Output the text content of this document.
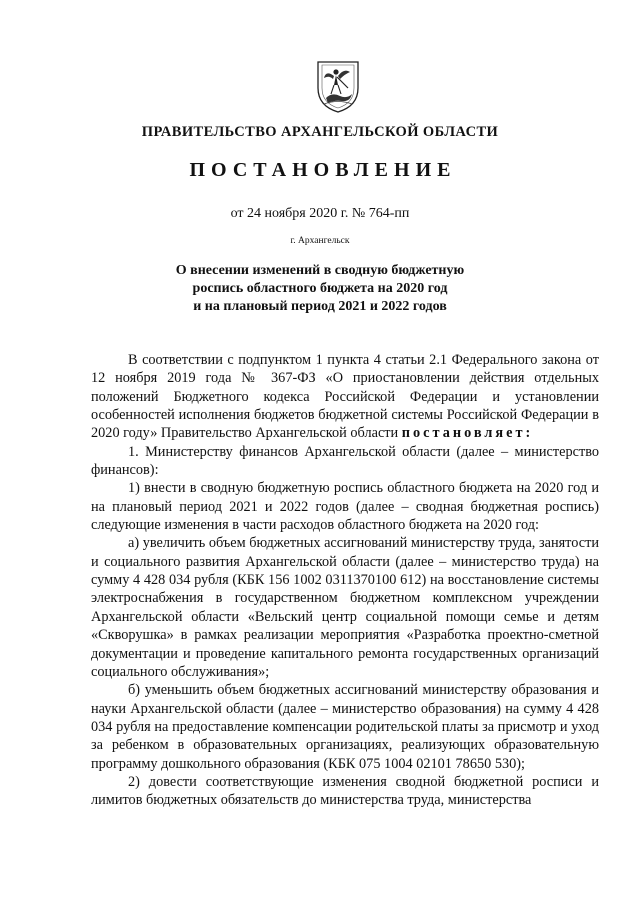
ПРАВИТЕЛЬСТВО АРХАНГЕЛЬСКОЙ ОБЛАСТИ
ПОСТАНОВЛЕНИЕ
от 24 ноября 2020 г. № 764-пп
г. Архангельск
О внесении изменений в сводную бюджетную
роспись областного бюджета на 2020 год
и на плановый период 2021 и 2022 годов

В соответствии с подпунктом 1 пункта 4 статьи 2.1 Федерального закона от 12 ноября 2019 года № 367-ФЗ «О приостановлении действия отдельных положений Бюджетного кодекса Российской Федерации и установлении особенностей исполнения бюджетов бюджетной системы Российской Федерации в 2020 году» Правительство Архангельской области постановляет:

1. Министерству финансов Архангельской области (далее – министерство финансов):

1) внести в сводную бюджетную роспись областного бюджета на 2020 год и на плановый период 2021 и 2022 годов (далее – сводная бюджетная роспись) следующие изменения в части расходов областного бюджета на 2020 год:

а) увеличить объем бюджетных ассигнований министерству труда, занятости и социального развития Архангельской области (далее – министерство труда) на сумму 4 428 034 рубля (КБК 156 1002 0311370100 612) на восстановление системы электроснабжения в государственном бюджетном комплексном учреждении Архангельской области «Вельский центр социальной помощи семье и детям «Скворушка» в рамках реализации мероприятия «Разработка проектно-сметной документации и проведение капитального ремонта государственных организаций социального обслуживания»;

б) уменьшить объем бюджетных ассигнований министерству образования и науки Архангельской области (далее – министерство образования) на сумму 4 428 034 рубля на предоставление компенсации родительской платы за присмотр и уход за ребенком в образовательных организациях, реализующих образовательную программу дошкольного образования (КБК 075 1004 02101 78650 530);

2) довести соответствующие изменения сводной бюджетной росписи и лимитов бюджетных обязательств до министерства труда, министерства
